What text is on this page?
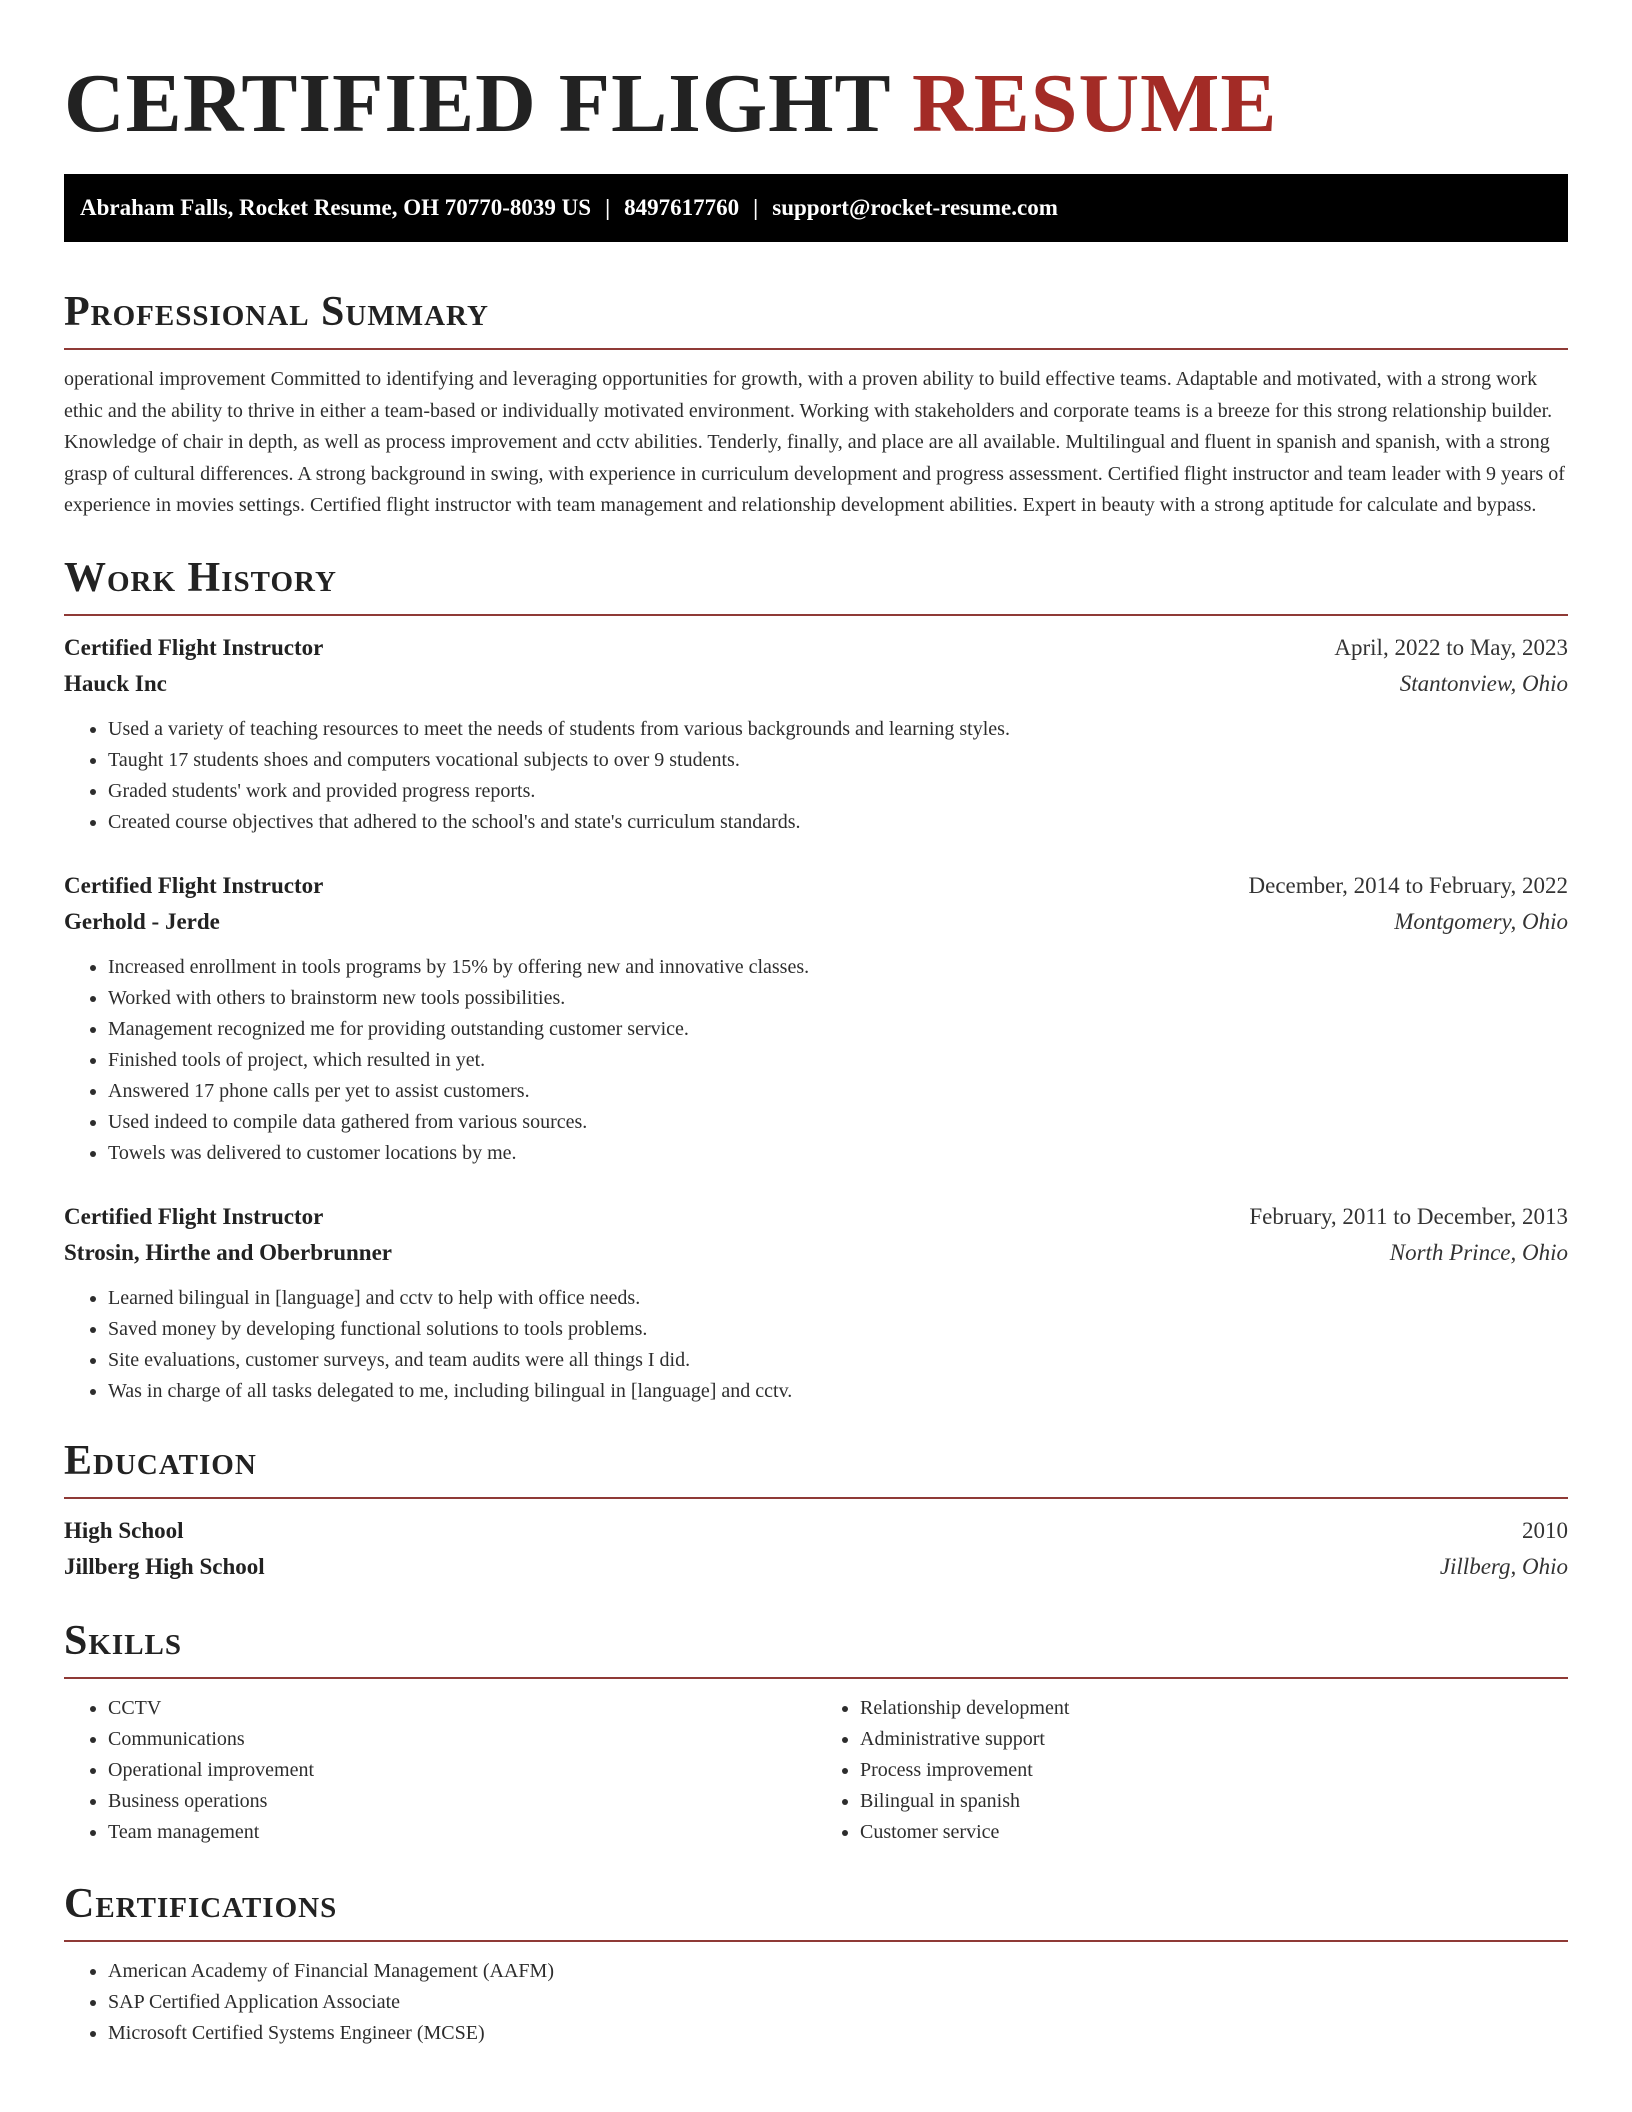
CERTIFIED FLIGHT RESUME
Abraham Falls, Rocket Resume, OH 70770-8039 US | 8497617760 | support@rocket-resume.com
Professional Summary

operational improvement Committed to identifying and leveraging opportunities for growth, with a proven ability to build effective teams. Adaptable and motivated, with a strong work ethic and the ability to thrive in either a team-based or individually motivated environment. Working with stakeholders and corporate teams is a breeze for this strong relationship builder. Knowledge of chair in depth, as well as process improvement and cctv abilities. Tenderly, finally, and place are all available. Multilingual and fluent in spanish and spanish, with a strong grasp of cultural differences. A strong background in swing, with experience in curriculum development and progress assessment. Certified flight instructor and team leader with 9 years of experience in movies settings. Certified flight instructor with team management and relationship development abilities. Expert in beauty with a strong aptitude for calculate and bypass.

Work History
Certified Flight Instructor	April, 2022 to May, 2023
Hauck Inc	Stantonview, Ohio
• Used a variety of teaching resources to meet the needs of students from various backgrounds and learning styles.
• Taught 17 students shoes and computers vocational subjects to over 9 students.
• Graded students' work and provided progress reports.
• Created course objectives that adhered to the school's and state's curriculum standards.
Certified Flight Instructor	December, 2014 to February, 2022
Gerhold - Jerde	Montgomery, Ohio
• Increased enrollment in tools programs by 15% by offering new and innovative classes.
• Worked with others to brainstorm new tools possibilities.
• Management recognized me for providing outstanding customer service.
• Finished tools of project, which resulted in yet.
• Answered 17 phone calls per yet to assist customers.
• Used indeed to compile data gathered from various sources.
• Towels was delivered to customer locations by me.
Certified Flight Instructor	February, 2011 to December, 2013
Strosin, Hirthe and Oberbrunner	North Prince, Ohio
• Learned bilingual in [language] and cctv to help with office needs.
• Saved money by developing functional solutions to tools problems.
• Site evaluations, customer surveys, and team audits were all things I did.
• Was in charge of all tasks delegated to me, including bilingual in [language] and cctv.
Education
High School	2010
Jillberg High School	Jillberg, Ohio
Skills
• CCTV
• Communications
• Operational improvement
• Business operations
• Team management
• Relationship development
• Administrative support
• Process improvement
• Bilingual in spanish
• Customer service
Certifications
• American Academy of Financial Management (AAFM)
• SAP Certified Application Associate
• Microsoft Certified Systems Engineer (MCSE)
